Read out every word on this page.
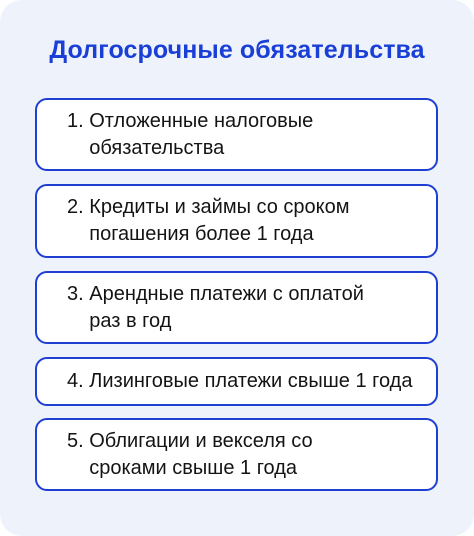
Долгосрочные обязательства
1. Отложенные налоговые обязательства
2. Кредиты и займы со сроком погашения более 1 года
3. Арендные платежи с оплатой раз в год
4. Лизинговые платежи свыше 1 года
5. Облигации и векселя со сроками свыше 1 года
